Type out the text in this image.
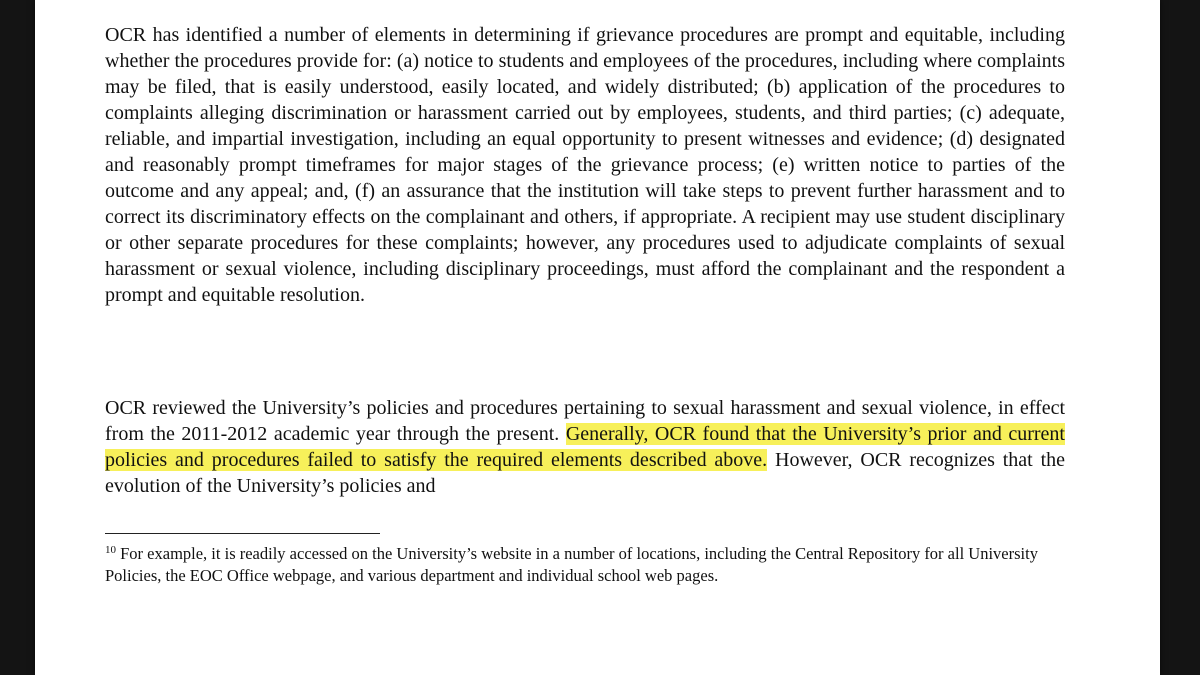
OCR has identified a number of elements in determining if grievance procedures are prompt and equitable, including whether the procedures provide for: (a) notice to students and employees of the procedures, including where complaints may be filed, that is easily understood, easily located, and widely distributed; (b) application of the procedures to complaints alleging discrimination or harassment carried out by employees, students, and third parties; (c) adequate, reliable, and impartial investigation, including an equal opportunity to present witnesses and evidence; (d) designated and reasonably prompt timeframes for major stages of the grievance process; (e) written notice to parties of the outcome and any appeal; and, (f) an assurance that the institution will take steps to prevent further harassment and to correct its discriminatory effects on the complainant and others, if appropriate. A recipient may use student disciplinary or other separate procedures for these complaints; however, any procedures used to adjudicate complaints of sexual harassment or sexual violence, including disciplinary proceedings, must afford the complainant and the respondent a prompt and equitable resolution.

OCR reviewed the University’s policies and procedures pertaining to sexual harassment and sexual violence, in effect from the 2011-2012 academic year through the present. Generally, OCR found that the University’s prior and current policies and procedures failed to satisfy the required elements described above. However, OCR recognizes that the evolution of the University’s policies and

$^{10}$ For example, it is readily accessed on the University’s website in a number of locations, including the Central Repository for all University Policies, the EOC Office webpage, and various department and individual school web pages.
